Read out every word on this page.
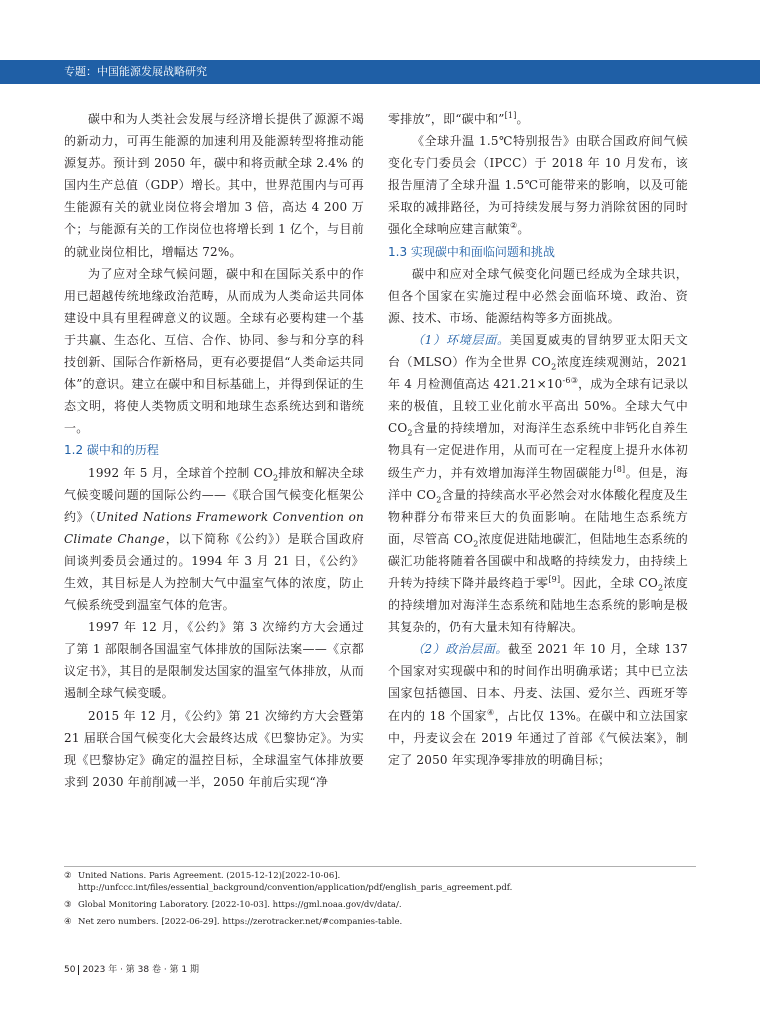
专题：中国能源发展战略研究

碳中和为人类社会发展与经济增长提供了源源不竭的新动力，可再生能源的加速利用及能源转型将推动能源复苏。预计到 2050 年，碳中和将贡献全球 2.4% 的国内生产总值（GDP）增长。其中，世界范围内与可再生能源有关的就业岗位将会增加 3 倍，高达 4 200 万个；与能源有关的工作岗位也将增长到 1 亿个，与目前的就业岗位相比，增幅达 72%。

为了应对全球气候问题，碳中和在国际关系中的作用已超越传统地缘政治范畴，从而成为人类命运共同体建设中具有里程碑意义的议题。全球有必要构建一个基于共赢、生态化、互信、合作、协同、参与和分享的科技创新、国际合作新格局，更有必要提倡“人类命运共同体”的意识。建立在碳中和目标基础上，并得到保证的生态文明，将使人类物质文明和地球生态系统达到和谐统一。

1.2 碳中和的历程

1992 年 5 月，全球首个控制 $CO_2$排放和解决全球气候变暖问题的国际公约——《联合国气候变化框架公约》（United Nations Framework Convention on Climate Change，以下简称《公约》）是联合国政府间谈判委员会通过的。1994 年 3 月 21 日，《公约》生效，其目标是人为控制大气中温室气体的浓度，防止气候系统受到温室气体的危害。

1997 年 12 月，《公约》第 3 次缔约方大会通过了第 1 部限制各国温室气体排放的国际法案——《京都议定书》，其目的是限制发达国家的温室气体排放，从而遏制全球气候变暖。

2015 年 12 月，《公约》第 21 次缔约方大会暨第 21 届联合国气候变化大会最终达成《巴黎协定》。为实现《巴黎协定》确定的温控目标，全球温室气体排放要求到 2030 年前削减一半，2050 年前后实现“净

零排放”，即“碳中和”[1]。

《全球升温 1.5℃特别报告》由联合国政府间气候变化专门委员会（IPCC）于 2018 年 10 月发布，该报告厘清了全球升温 1.5℃可能带来的影响，以及可能采取的减排路径，为可持续发展与努力消除贫困的同时强化全球响应建言献策②。

1.3 实现碳中和面临问题和挑战

碳中和应对全球气候变化问题已经成为全球共识，但各个国家在实施过程中必然会面临环境、政治、资源、技术、市场、能源结构等多方面挑战。

（1）环境层面。美国夏威夷的冒纳罗亚太阳天文台（MLSO）作为全世界 $CO_2$浓度连续观测站，2021 年 4 月检测值高达 $421.21\times 10^{-6③}$，成为全球有记录以来的极值，且较工业化前水平高出 50%。全球大气中 $CO_2$含量的持续增加，对海洋生态系统中非钙化自养生物具有一定促进作用，从而可在一定程度上提升水体初级生产力，并有效增加海洋生物固碳能力[8]。但是，海洋中 $CO_2$含量的持续高水平必然会对水体酸化程度及生物种群分布带来巨大的负面影响。在陆地生态系统方面，尽管高 $CO_2$浓度促进陆地碳汇，但陆地生态系统的碳汇功能将随着各国碳中和战略的持续发力，由持续上升转为持续下降并最终趋于零[9]。因此，全球 $CO_2$浓度的持续增加对海洋生态系统和陆地生态系统的影响是极其复杂的，仍有大量未知有待解决。

（2）政治层面。截至 2021 年 10 月，全球 137 个国家对实现碳中和的时间作出明确承诺；其中已立法国家包括德国、日本、丹麦、法国、爱尔兰、西班牙等在内的 18 个国家④，占比仅 13%。在碳中和立法国家中，丹麦议会在 2019 年通过了首部《气候法案》，制定了 2050 年实现净零排放的明确目标；

② United Nations. Paris Agreement. (2015-12-12)[2022-10-06]. http://unfccc.int/files/essential_background/convention/application/pdf/english_paris_agreement.pdf.
③ Global Monitoring Laboratory. [2022-10-03]. https://gml.noaa.gov/dv/data/.
④ Net zero numbers. [2022-06-29]. https://zerotracker.net/#companies-table.
50 2023 年 · 第 38 卷 · 第 1 期
